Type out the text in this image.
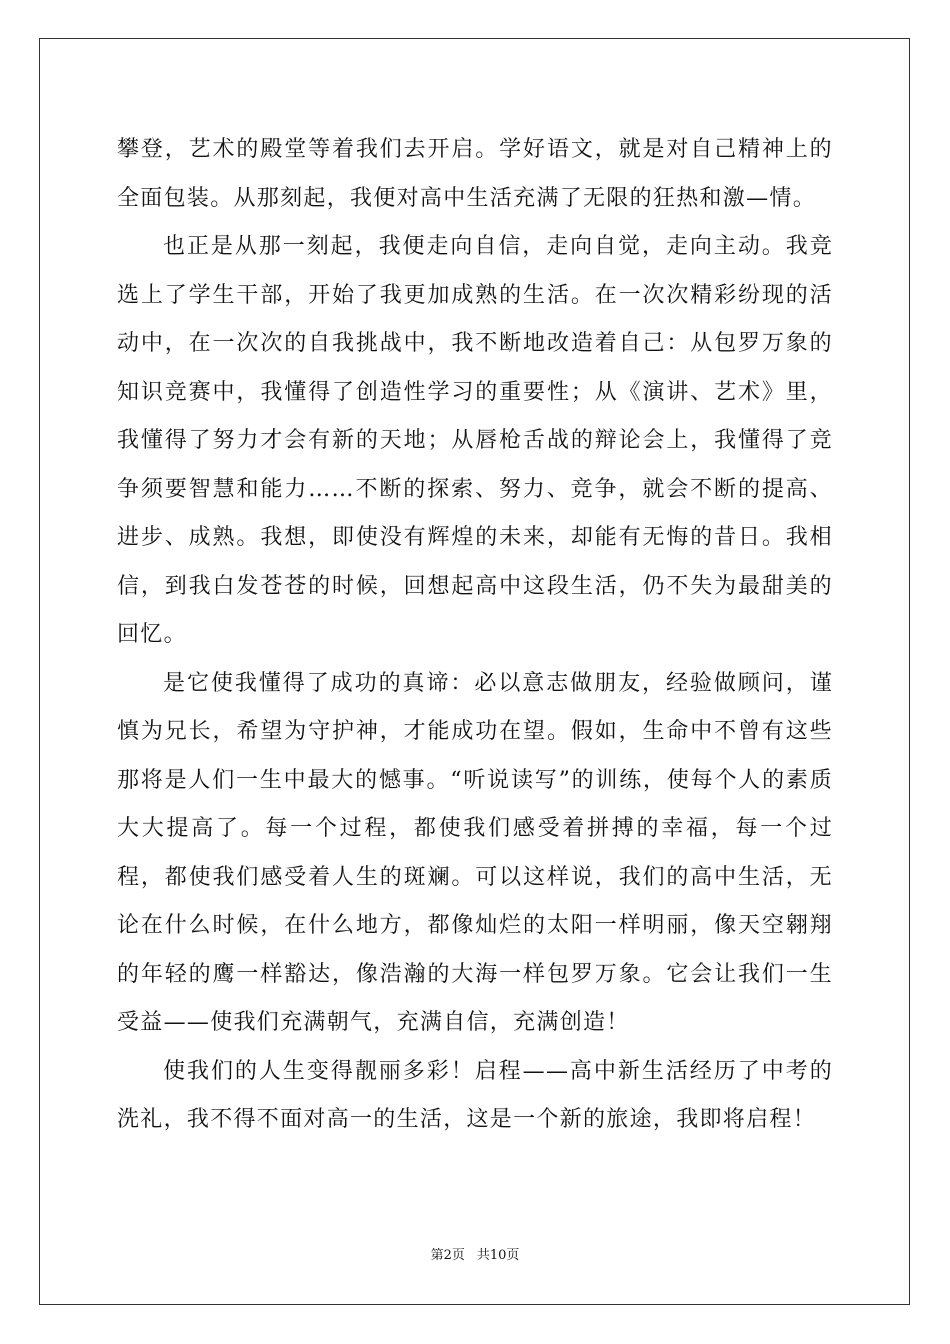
攀登，艺术的殿堂等着我们去开启。学好语文，就是对自己精神上的全面包装。从那刻起，我便对高中生活充满了无限的狂热和激—情。

也正是从那一刻起，我便走向自信，走向自觉，走向主动。我竞选上了学生干部，开始了我更加成熟的生活。在一次次精彩纷现的活动中，在一次次的自我挑战中，我不断地改造着自己：从包罗万象的知识竞赛中，我懂得了创造性学习的重要性；从《演讲、艺术》里，我懂得了努力才会有新的天地；从唇枪舌战的辩论会上，我懂得了竞争须要智慧和能力……不断的探索、努力、竞争，就会不断的提高、进步、成熟。我想，即使没有辉煌的未来，却能有无悔的昔日。我相信，到我白发苍苍的时候，回想起高中这段生活，仍不失为最甜美的回忆。

是它使我懂得了成功的真谛：必以意志做朋友，经验做顾问，谨慎为兄长，希望为守护神，才能成功在望。假如，生命中不曾有这些那将是人们一生中最大的憾事。“听说读写”的训练，使每个人的素质大大提高了。每一个过程，都使我们感受着拼搏的幸福，每一个过程，都使我们感受着人生的斑斓。可以这样说，我们的高中生活，无论在什么时候，在什么地方，都像灿烂的太阳一样明丽，像天空翱翔的年轻的鹰一样豁达，像浩瀚的大海一样包罗万象。它会让我们一生受益——使我们充满朝气，充满自信，充满创造！

使我们的人生变得靓丽多彩！启程——高中新生活经历了中考的洗礼，我不得不面对高一的生活，这是一个新的旅途，我即将启程！

第2页 共10页
